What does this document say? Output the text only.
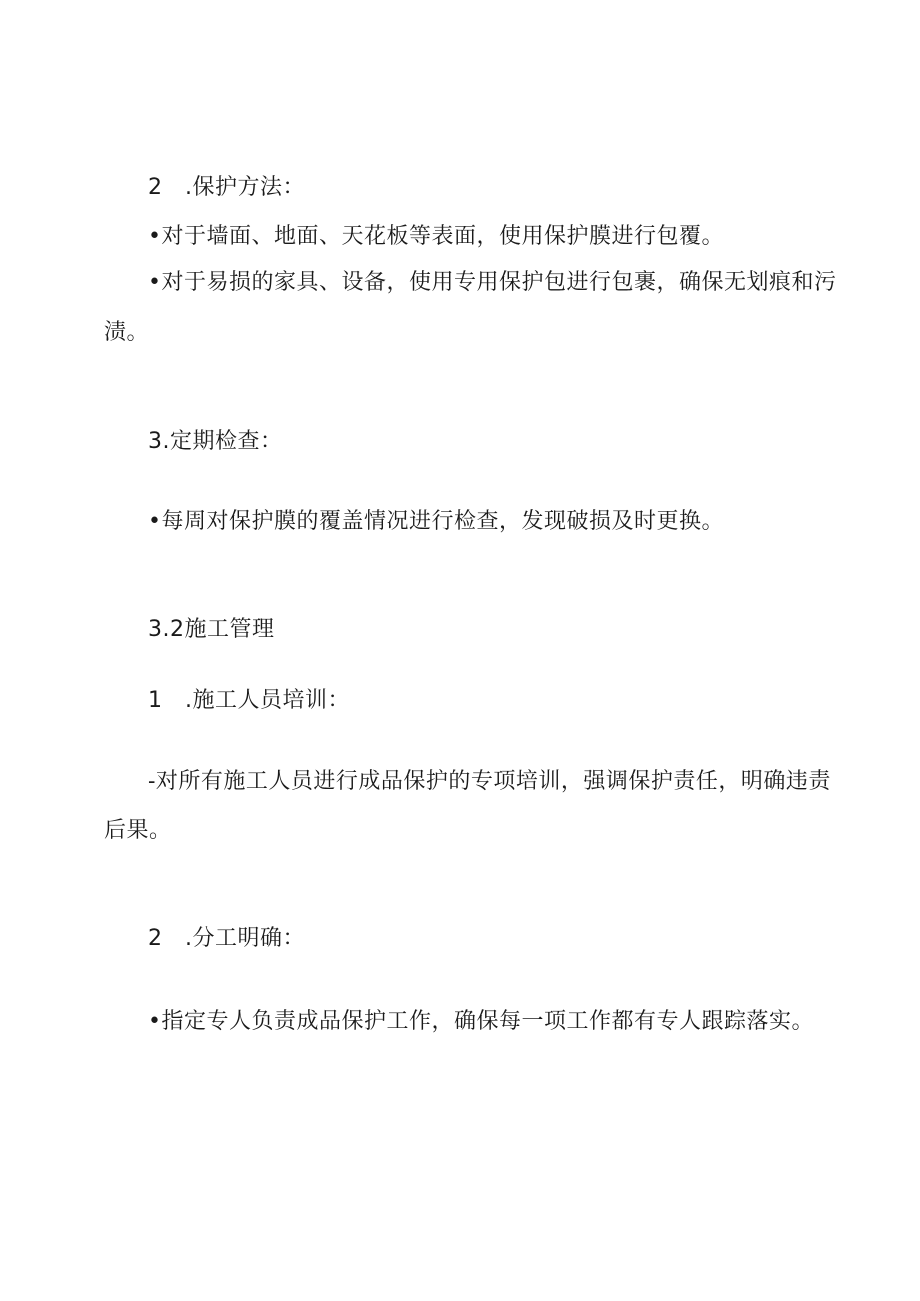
2 .保护方法：
•对于墙面、地面、天花板等表面，使用保护膜进行包覆。
•对于易损的家具、设备，使用专用保护包进行包裹，确保无划痕和污
渍。
3.定期检查：
•每周对保护膜的覆盖情况进行检查，发现破损及时更换。
3.2施工管理
1 .施工人员培训：
-对所有施工人员进行成品保护的专项培训，强调保护责任，明确违责
后果。
2 .分工明确：
•指定专人负责成品保护工作，确保每一项工作都有专人跟踪落实。
